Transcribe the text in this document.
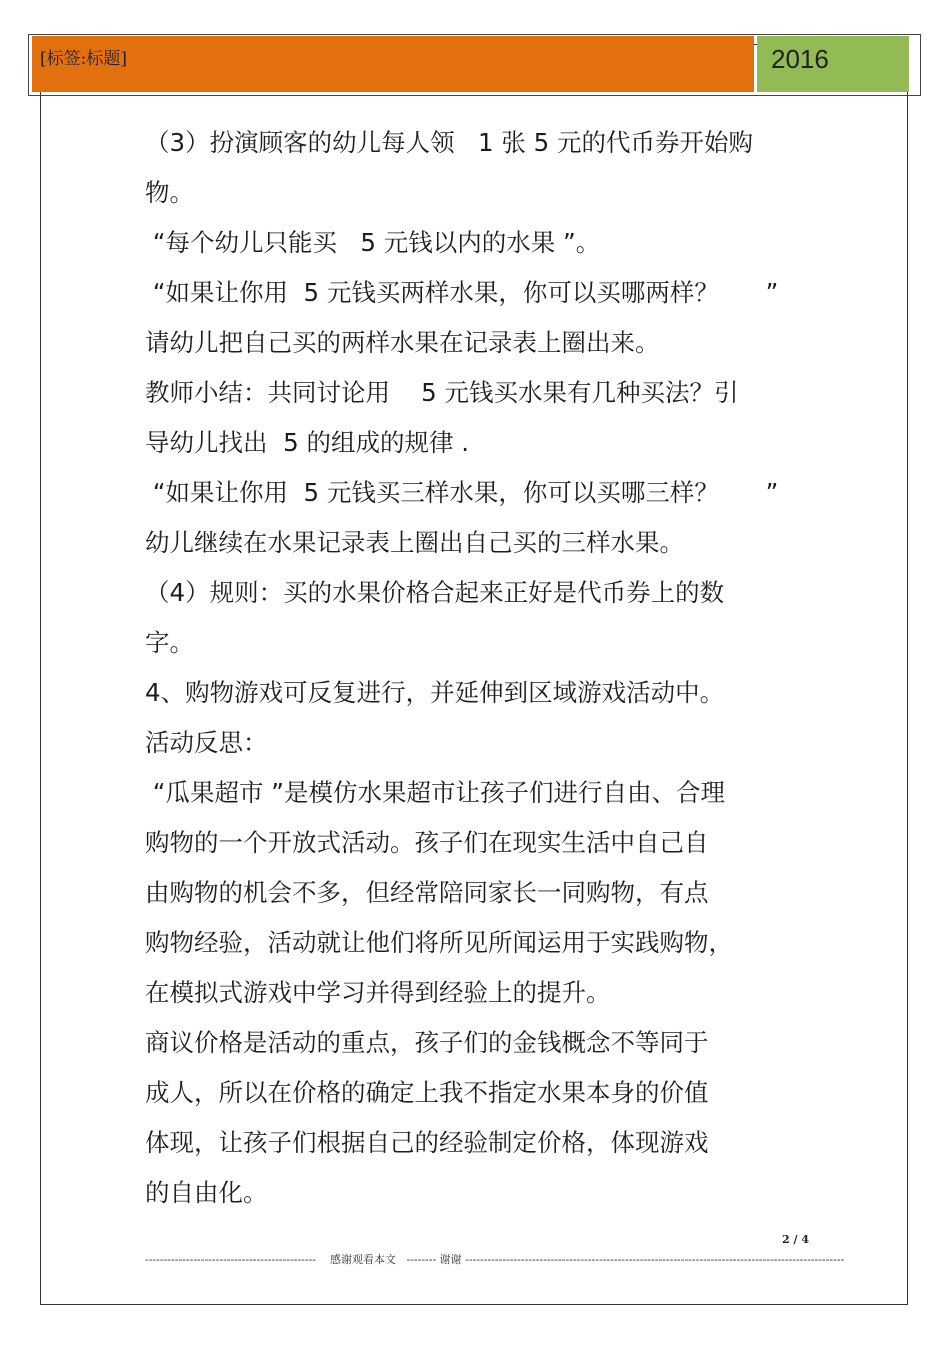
[标签:标题]	2016
（3）扮演顾客的幼儿每人领   1 张 5 元的代币券开始购
物。
“每个幼儿只能买   5 元钱以内的水果 ”。
“如果让你用  5 元钱买两样水果，你可以买哪两样？      ”
请幼儿把自己买的两样水果在记录表上圈出来。
教师小结：共同讨论用    5 元钱买水果有几种买法？引
导幼儿找出  5 的组成的规律 .
“如果让你用  5 元钱买三样水果，你可以买哪三样？      ”
幼儿继续在水果记录表上圈出自己买的三样水果。
（4）规则：买的水果价格合起来正好是代币券上的数
字。
4、购物游戏可反复进行，并延伸到区域游戏活动中。
活动反思：
“瓜果超市 ”是模仿水果超市让孩子们进行自由、合理
购物的一个开放式活动。孩子们在现实生活中自己自
由购物的机会不多，但经常陪同家长一同购物，有点
购物经验，活动就让他们将所见所闻运用于实践购物，
在模拟式游戏中学习并得到经验上的提升。
商议价格是活动的重点，孩子们的金钱概念不等同于
成人，所以在价格的确定上我不指定水果本身的价值
体现，让孩子们根据自己的经验制定价格，体现游戏
的自由化。
2 / 4
----------------------------------------------    感谢观看本文   -------- 谢谢 ------------------------------------------------------------------------------------------------------
